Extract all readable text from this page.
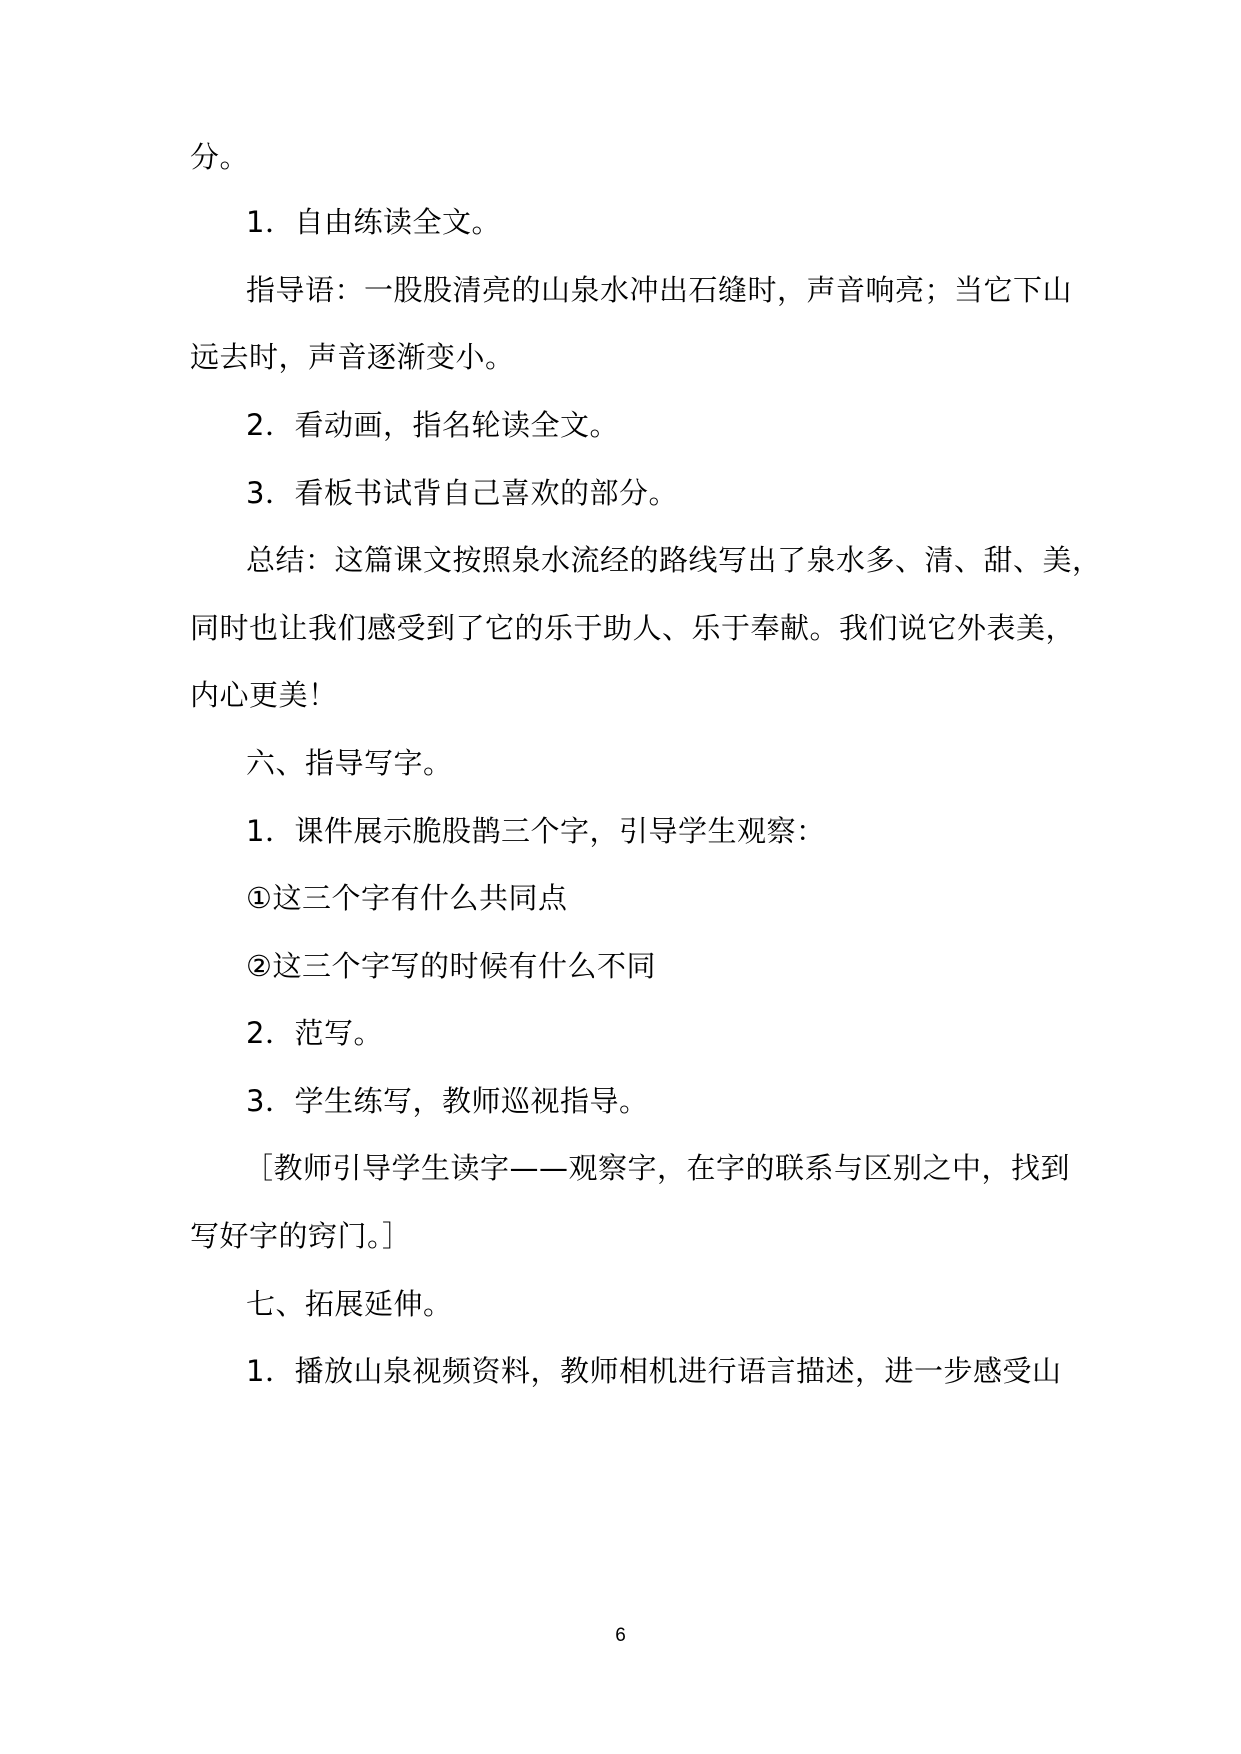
分。
1．自由练读全文。
指导语：一股股清亮的山泉水冲出石缝时，声音响亮；当它下山
远去时，声音逐渐变小。
2．看动画，指名轮读全文。
3．看板书试背自己喜欢的部分。
总结：这篇课文按照泉水流经的路线写出了泉水多、清、甜、美，
同时也让我们感受到了它的乐于助人、乐于奉献。我们说它外表美，
内心更美！
六、指导写字。
1．课件展示脆股鹊三个字，引导学生观察：
①这三个字有什么共同点
②这三个字写的时候有什么不同
2．范写。
3．学生练写，教师巡视指导。
［教师引导学生读字——观察字，在字的联系与区别之中，找到
写好字的窍门。］
七、拓展延伸。
1．播放山泉视频资料，教师相机进行语言描述，进一步感受山
6
